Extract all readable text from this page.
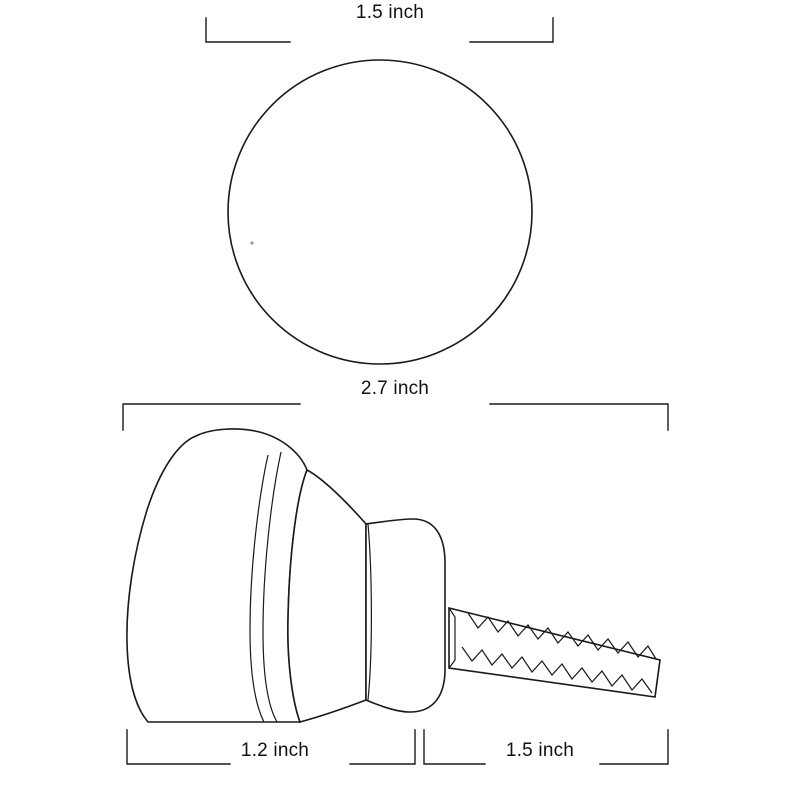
1.5 inch
2.7 inch
1.2 inch	1.5 inch
